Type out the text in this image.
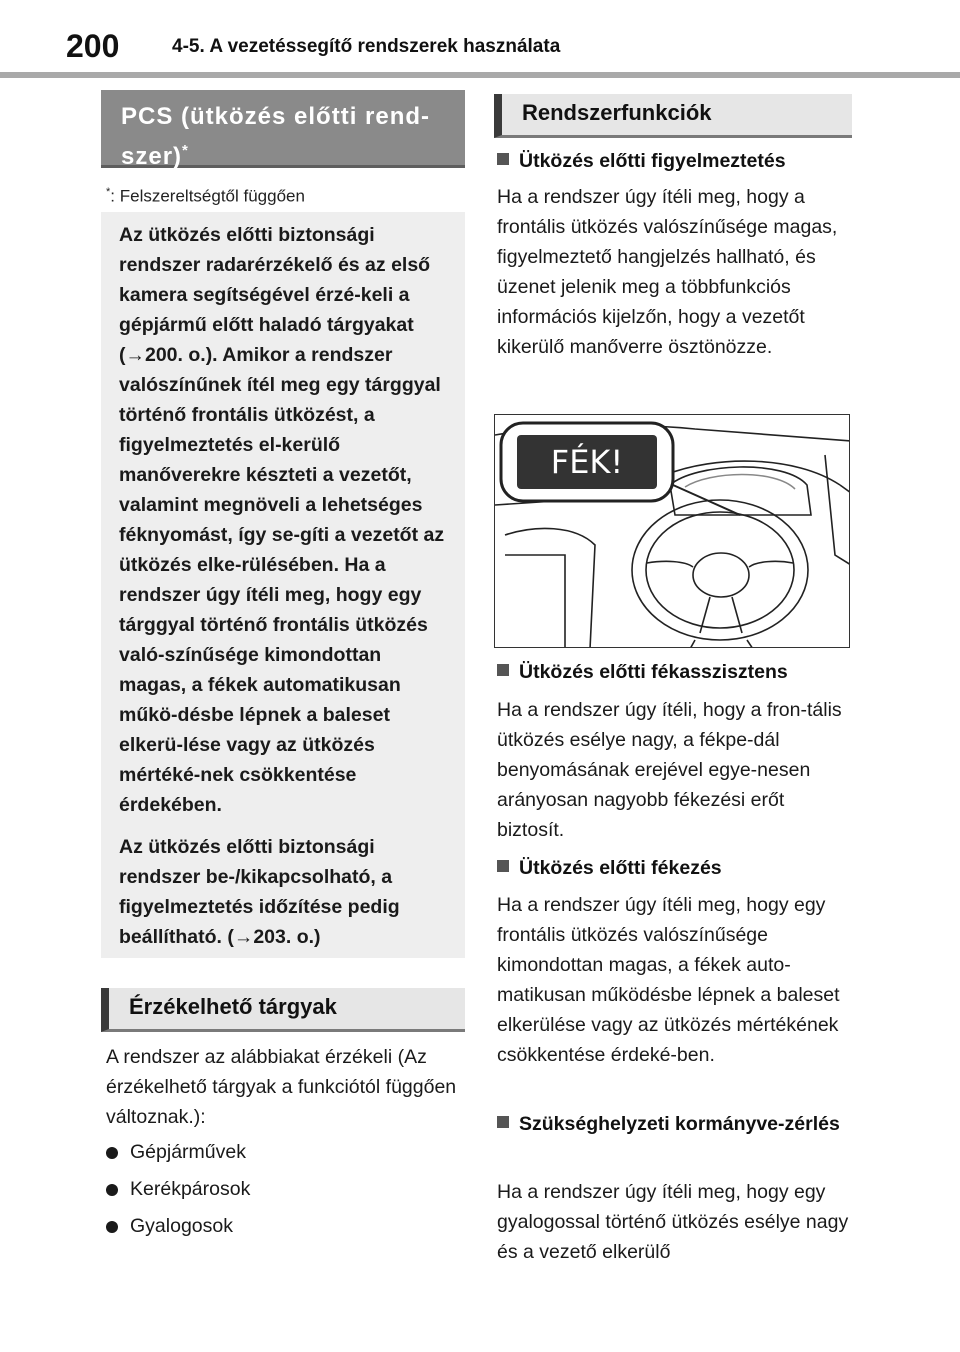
200	4-5. A vezetéssegítő rendszerek használata
PCS (ütközés előtti rend-szer)*
*: Felszereltségtől függően

Az ütközés előtti biztonsági rendszer radarérzékelő és az első kamera segítségével érzé-keli a gépjármű előtt haladó tárgyakat (→200. o.). Amikor a rendszer valószínűnek ítél meg egy tárggyal történő frontális ütközést, a figyelmeztetés el-kerülő manőverekre készteti a vezetőt, valamint megnöveli a lehetséges féknyomást, így se-gíti a vezetőt az ütközés elke-rülésében. Ha a rendszer úgy ítéli meg, hogy egy tárggyal történő frontális ütközés való-színűsége kimondottan magas, a fékek automatikusan műkö-désbe lépnek a baleset elkerü-lése vagy az ütközés mértéké-nek csökkentése érdekében.

Az ütközés előtti biztonsági rendszer be-/kikapcsolható, a figyelmeztetés időzítése pedig beállítható. (→203. o.)

Érzékelhető tárgyak

A rendszer az alábbiakat érzékeli (Az érzékelhető tárgyak a funkciótól függően változnak.):

Gépjárművek
Kerékpárosok
Gyalogosok
Rendszerfunkciók
Ütközés előtti figyelmeztetés

Ha a rendszer úgy ítéli meg, hogy a frontális ütközés valószínűsége magas, figyelmeztető hangjelzés hallható, és üzenet jelenik meg a többfunkciós információs kijelzőn, hogy a vezetőt kikerülő manőverre ösztönözze.

FÉK!
Ütközés előtti fékasszisztens

Ha a rendszer úgy ítéli, hogy a fron-tális ütközés esélye nagy, a fékpe-dál benyomásának erejével egye-nesen arányosan nagyobb fékezési erőt biztosít.

Ütközés előtti fékezés

Ha a rendszer úgy ítéli meg, hogy egy frontális ütközés valószínűsége kimondottan magas, a fékek auto-matikusan működésbe lépnek a baleset elkerülése vagy az ütközés mértékének csökkentése érdeké-ben.

Szükséghelyzeti kormányve-zérlés

Ha a rendszer úgy ítéli meg, hogy egy gyalogossal történő ütközés esélye nagy és a vezető elkerülő
